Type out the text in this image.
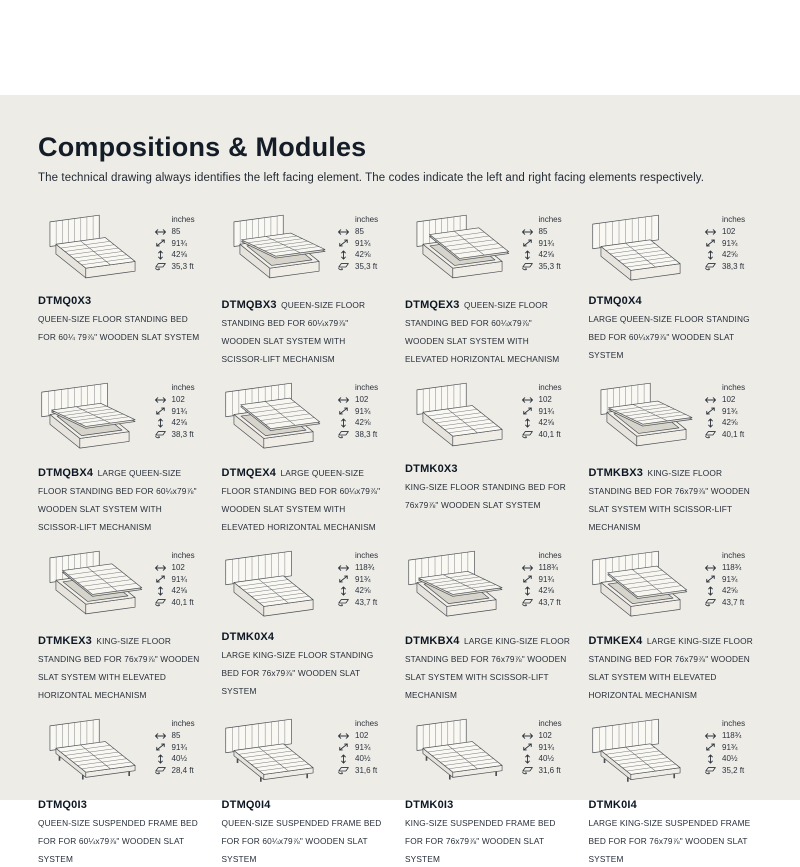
Compositions & Modules

The technical drawing always identifies the left facing element. The codes indicate the left and right facing elements respectively.

inches
85
91¾
42⅝
35,3 ft
DTMQ0X3
QUEEN-SIZE FLOOR STANDING BED FOR 60¼ 79⅞" WOODEN SLAT SYSTEM
inches
85
91¾
42⅝
35,3 ft
DTMQBX3 QUEEN-SIZE FLOOR STANDING BED FOR 60¼x79⅞" WOODEN SLAT SYSTEM WITH SCISSOR-LIFT MECHANISM
inches
85
91¾
42⅝
35,3 ft
DTMQEX3 QUEEN-SIZE FLOOR STANDING BED FOR 60¼x79⅞" WOODEN SLAT SYSTEM WITH ELEVATED HORIZONTAL MECHANISM
inches
102
91¾
42⅝
38,3 ft
DTMQ0X4
LARGE QUEEN-SIZE FLOOR STANDING BED FOR 60¼x79⅞" WOODEN SLAT SYSTEM
inches
102
91¾
42⅝
38,3 ft
DTMQBX4 LARGE QUEEN-SIZE FLOOR STANDING BED FOR 60¼x79⅞" WOODEN SLAT SYSTEM WITH SCISSOR-LIFT MECHANISM
inches
102
91¾
42⅝
38,3 ft
DTMQEX4 LARGE QUEEN-SIZE FLOOR STANDING BED FOR 60¼x79⅞" WOODEN SLAT SYSTEM WITH ELEVATED HORIZONTAL MECHANISM
inches
102
91¾
42⅝
40,1 ft
DTMK0X3
KING-SIZE FLOOR STANDING BED FOR 76x79⅞" WOODEN SLAT SYSTEM
inches
102
91¾
42⅝
40,1 ft
DTMKBX3 KING-SIZE FLOOR STANDING BED FOR 76x79⅞" WOODEN SLAT SYSTEM WITH SCISSOR-LIFT MECHANISM
inches
102
91¾
42⅝
40,1 ft
DTMKEX3 KING-SIZE FLOOR STANDING BED FOR 76x79⅞" WOODEN SLAT SYSTEM WITH ELEVATED HORIZONTAL MECHANISM
inches
118¾
91¾
42⅝
43,7 ft
DTMK0X4
LARGE KING-SIZE FLOOR STANDING BED FOR 76x79⅞" WOODEN SLAT SYSTEM
inches
118¾
91¾
42⅝
43,7 ft
DTMKBX4 LARGE KING-SIZE FLOOR STANDING BED FOR 76x79⅞" WOODEN SLAT SYSTEM WITH SCISSOR-LIFT MECHANISM
inches
118¾
91¾
42⅝
43,7 ft
DTMKEX4 LARGE KING-SIZE FLOOR STANDING BED FOR 76x79⅞" WOODEN SLAT SYSTEM WITH ELEVATED HORIZONTAL MECHANISM
inches
85
91¾
40½
28,4 ft
DTMQ0I3
QUEEN-SIZE SUSPENDED FRAME BED FOR FOR 60¼x79⅞" WOODEN SLAT SYSTEM
inches
102
91¾
40½
31,6 ft
DTMQ0I4
QUEEN-SIZE SUSPENDED FRAME BED FOR FOR 60¼x79⅞" WOODEN SLAT SYSTEM
inches
102
91¾
40½
31,6 ft
DTMK0I3
KING-SIZE SUSPENDED FRAME BED FOR FOR 76x79⅞" WOODEN SLAT SYSTEM
inches
118¾
91¾
40½
35,2 ft
DTMK0I4
LARGE KING-SIZE SUSPENDED FRAME BED FOR FOR 76x79⅞" WOODEN SLAT SYSTEM
